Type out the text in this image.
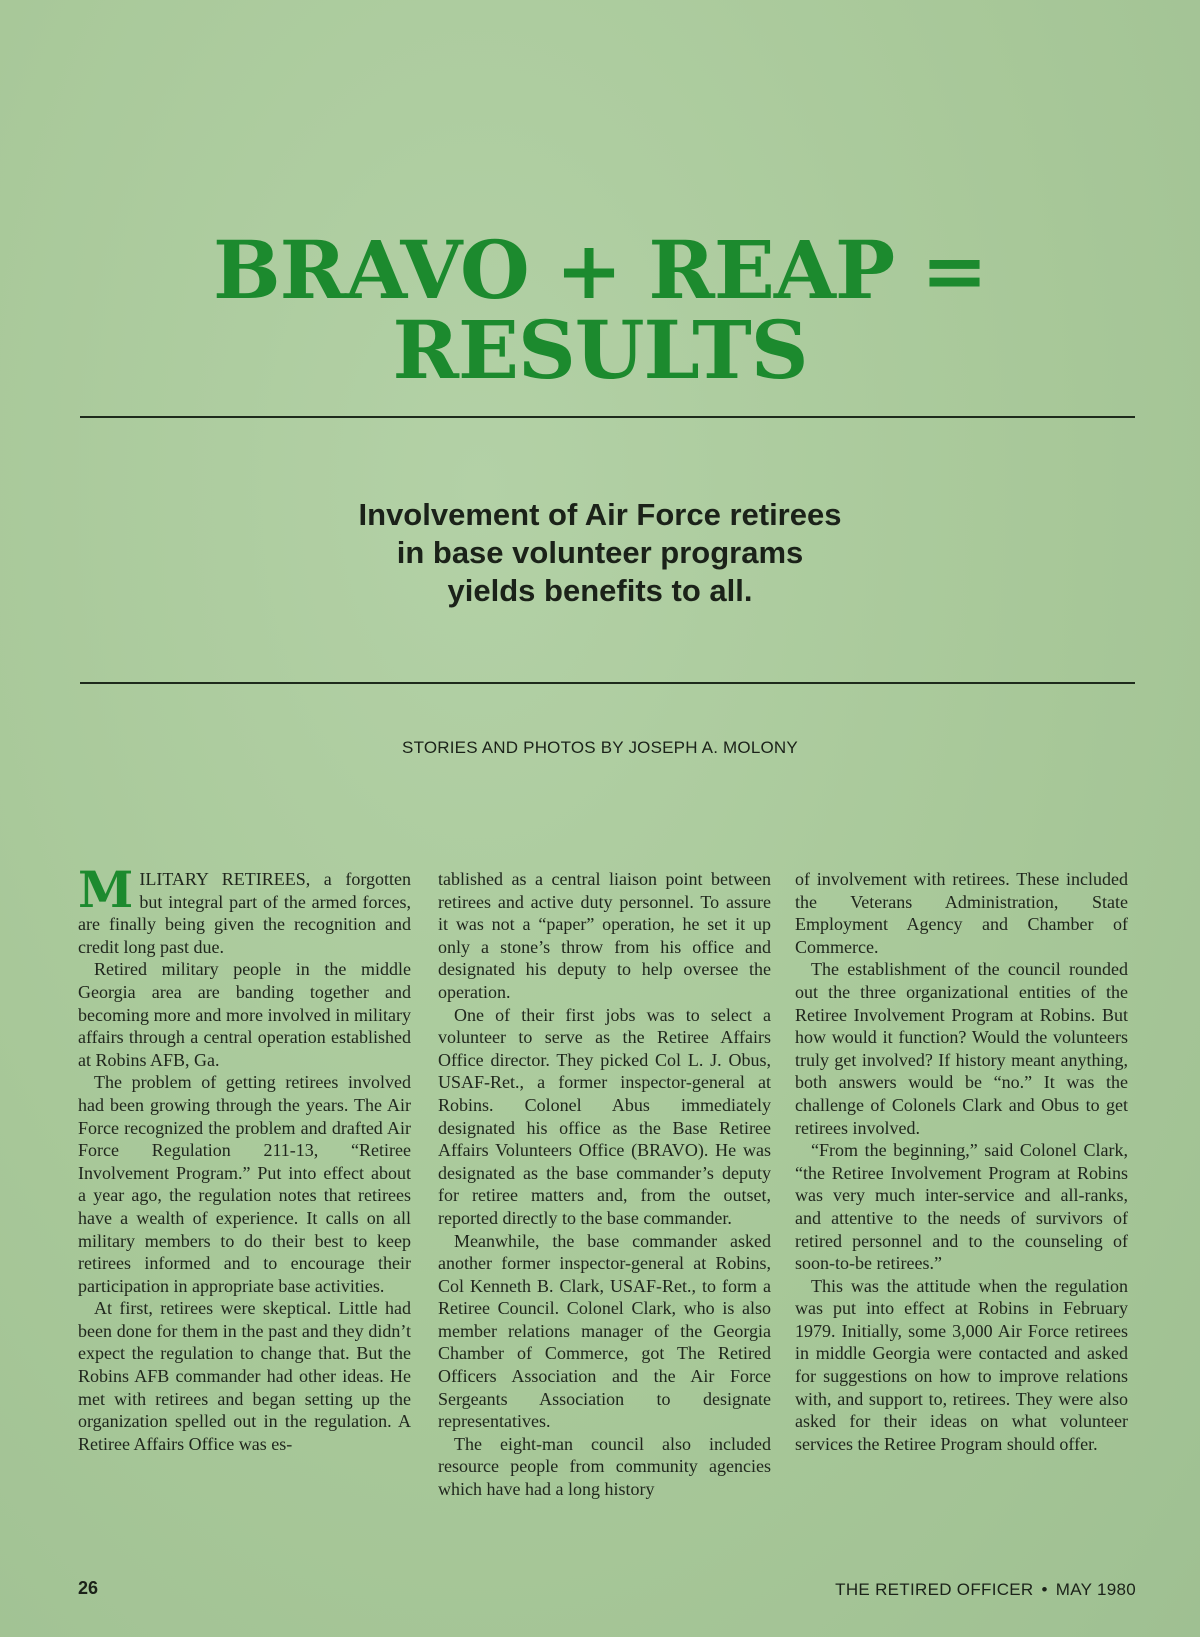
BRAVO + REAP = RESULTS
Involvement of Air Force retirees
in base volunteer programs
yields benefits to all.
STORIES AND PHOTOS BY JOSEPH A. MOLONY

MILITARY RETIREES, a forgotten but integral part of the armed forces, are finally being given the recognition and credit long past due.

Retired military people in the middle Georgia area are banding together and becoming more and more involved in military affairs through a central operation established at Robins AFB, Ga.

The problem of getting retirees involved had been growing through the years. The Air Force recognized the problem and drafted Air Force Regulation 211-13, “Retiree Involvement Program.” Put into effect about a year ago, the regulation notes that retirees have a wealth of experience. It calls on all military members to do their best to keep retirees informed and to encourage their participation in appropriate base activities.

At first, retirees were skeptical. Little had been done for them in the past and they didn’t expect the regulation to change that. But the Robins AFB commander had other ideas. He met with retirees and began setting up the organization spelled out in the regulation. A Retiree Affairs Office was es-

tablished as a central liaison point between retirees and active duty personnel. To assure it was not a “paper” operation, he set it up only a stone’s throw from his office and designated his deputy to help oversee the operation.

One of their first jobs was to select a volunteer to serve as the Retiree Affairs Office director. They picked Col L. J. Obus, USAF-Ret., a former inspector-general at Robins. Colonel Abus immediately designated his office as the Base Retiree Affairs Volunteers Office (BRAVO). He was designated as the base commander’s deputy for retiree matters and, from the outset, reported directly to the base commander.

Meanwhile, the base commander asked another former inspector-general at Robins, Col Kenneth B. Clark, USAF-Ret., to form a Retiree Council. Colonel Clark, who is also member relations manager of the Georgia Chamber of Commerce, got The Retired Officers Association and the Air Force Sergeants Association to designate representatives.

The eight-man council also included resource people from community agencies which have had a long history

of involvement with retirees. These included the Veterans Administration, State Employment Agency and Chamber of Commerce.

The establishment of the council rounded out the three organizational entities of the Retiree Involvement Program at Robins. But how would it function? Would the volunteers truly get involved? If history meant anything, both answers would be “no.” It was the challenge of Colonels Clark and Obus to get retirees involved.

“From the beginning,” said Colonel Clark, “the Retiree Involvement Program at Robins was very much inter-service and all-ranks, and attentive to the needs of survivors of retired personnel and to the counseling of soon-to-be retirees.”

This was the attitude when the regulation was put into effect at Robins in February 1979. Initially, some 3,000 Air Force retirees in middle Georgia were contacted and asked for suggestions on how to improve relations with, and support to, retirees. They were also asked for their ideas on what volunteer services the Retiree Program should offer.

26	THE RETIRED OFFICER • MAY 1980
